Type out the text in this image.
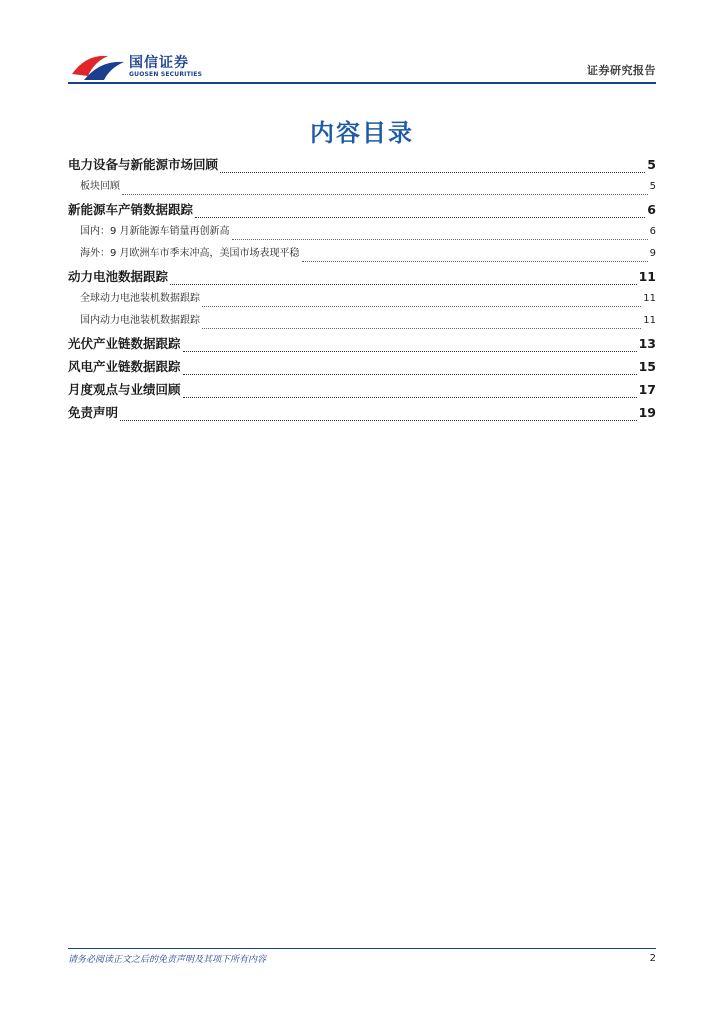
国信证券
GUOSEN SECURITIES	证券研究报告
内容目录
电力设备与新能源市场回顾	5
板块回顾	5
新能源车产销数据跟踪	6
国内：9 月新能源车销量再创新高	6
海外：9 月欧洲车市季末冲高，美国市场表现平稳	9
动力电池数据跟踪	11
全球动力电池装机数据跟踪	11
国内动力电池装机数据跟踪	11
光伏产业链数据跟踪	13
风电产业链数据跟踪	15
月度观点与业绩回顾	17
免责声明	19
请务必阅读正文之后的免责声明及其项下所有内容	2
